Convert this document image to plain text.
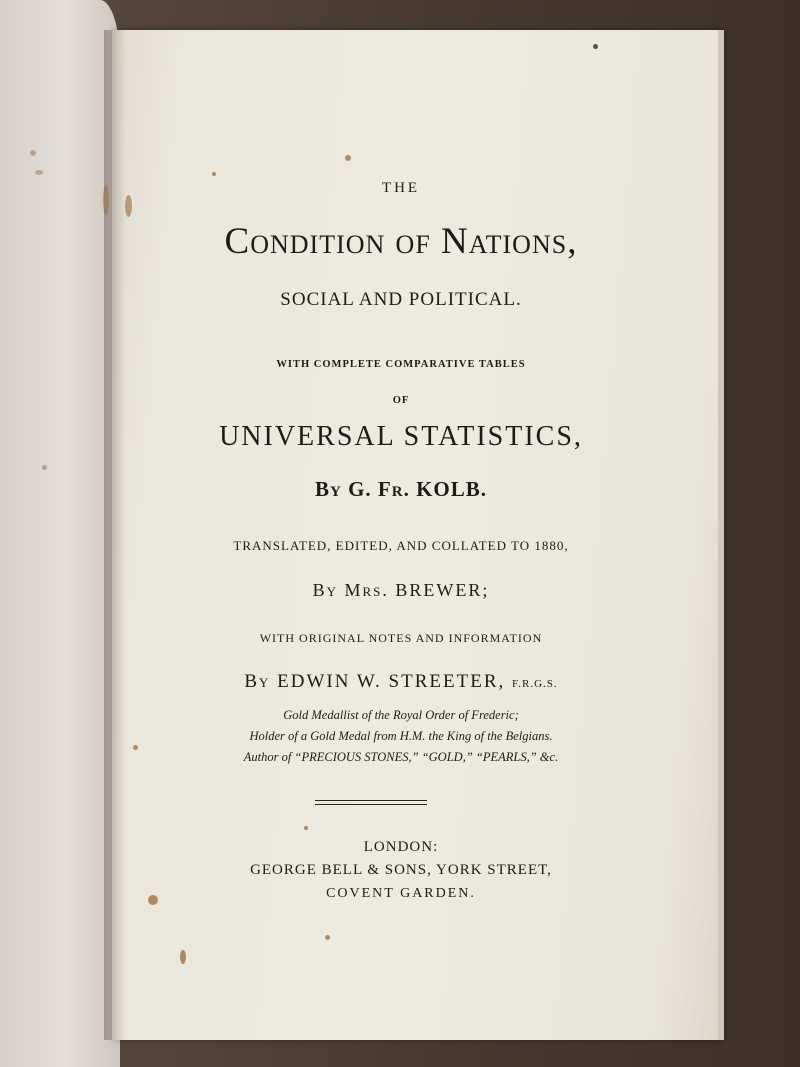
THE

Condition of Nations,

SOCIAL AND POLITICAL.

WITH COMPLETE COMPARATIVE TABLES

OF

UNIVERSAL STATISTICS,

By G. Fr. KOLB.

TRANSLATED, EDITED, AND COLLATED TO 1880,

By Mrs. BREWER;

WITH ORIGINAL NOTES AND INFORMATION

By EDWIN W. STREETER, F.R.G.S.

Gold Medallist of the Royal Order of Frederic;

Holder of a Gold Medal from H.M. the King of the Belgians.

Author of “PRECIOUS STONES,” “GOLD,” “PEARLS,” &c.

LONDON:

GEORGE BELL & SONS, YORK STREET,

COVENT GARDEN.
